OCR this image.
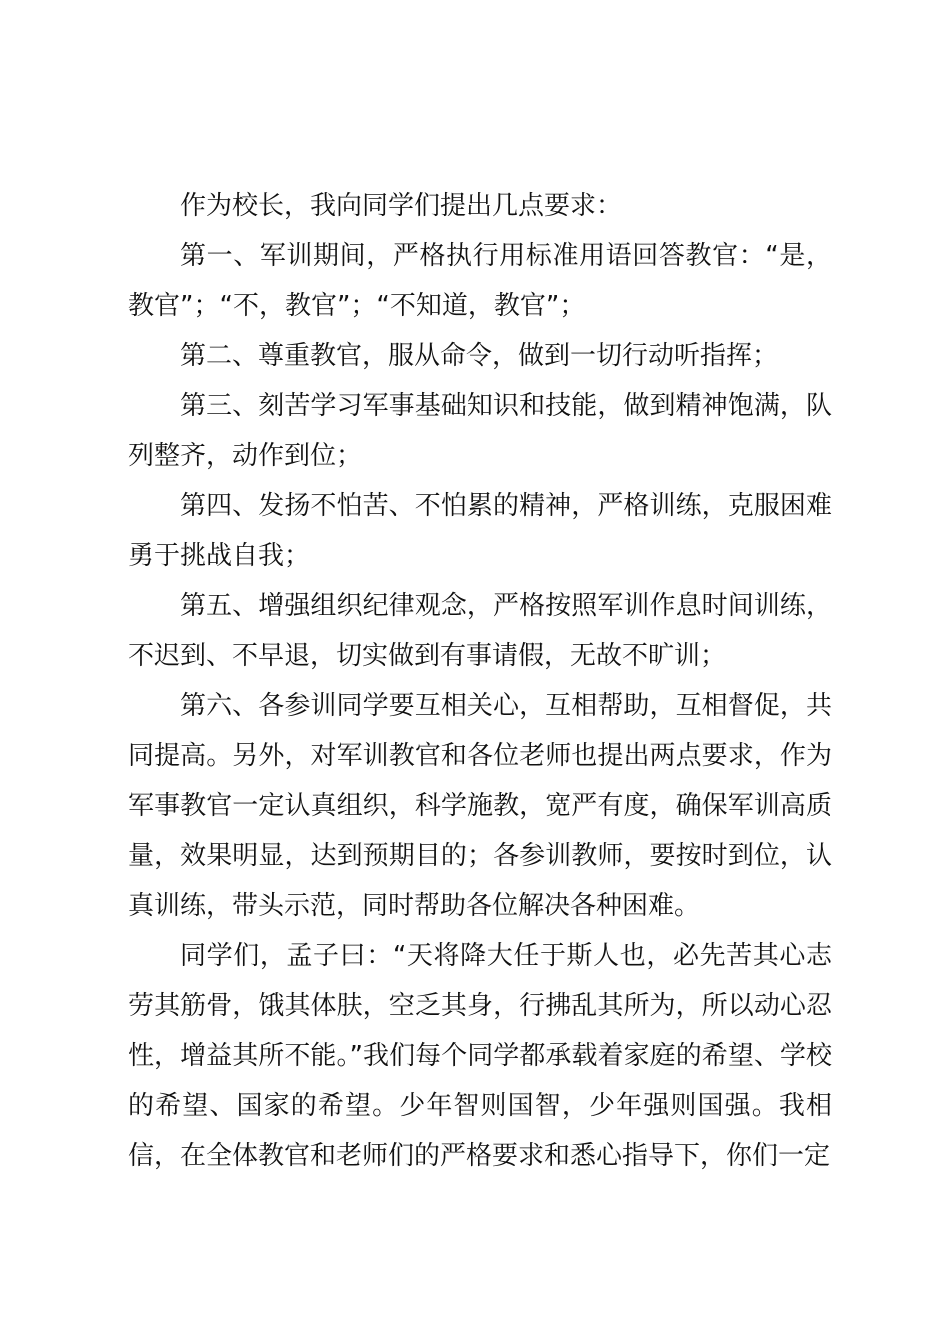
作为校长，我向同学们提出几点要求：

第一、军训期间，严格执行用标准用语回答教官：“是，教官”；“不，教官”；“不知道，教官”；

第二、尊重教官，服从命令，做到一切行动听指挥；

第三、刻苦学习军事基础知识和技能，做到精神饱满，队列整齐，动作到位；

第四、发扬不怕苦、不怕累的精神，严格训练，克服困难勇于挑战自我；

第五、增强组织纪律观念，严格按照军训作息时间训练，不迟到、不早退，切实做到有事请假，无故不旷训；

第六、各参训同学要互相关心，互相帮助，互相督促，共同提高。另外，对军训教官和各位老师也提出两点要求，作为军事教官一定认真组织，科学施教，宽严有度，确保军训高质量，效果明显，达到预期目的；各参训教师，要按时到位，认真训练，带头示范，同时帮助各位解决各种困难。

同学们，孟子曰：“天将降大任于斯人也，必先苦其心志劳其筋骨，饿其体肤，空乏其身，行拂乱其所为，所以动心忍性，增益其所不能。”我们每个同学都承载着家庭的希望、学校的希望、国家的希望。少年智则国智，少年强则国强。我相信，在全体教官和老师们的严格要求和悉心指导下，你们一定
